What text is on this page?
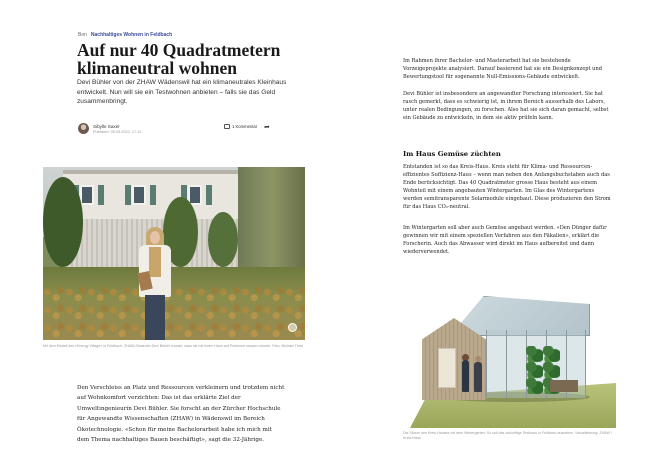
Bon Nachhaltiges Wohnen in Feldbach
Auf nur 40 Quadratmetern klimaneutral wohnen

Devi Bühler von der ZHAW Wädenswil hat ein klimaneutrales Kleinhaus entwickelt. Nun will sie ein Testwohnen anbieten – falls sie das Geld zusammenbringt.

Sibylle Saxer
Publiziert: 09.05.2022, 17:12
1 Kommentar ➦

Mit dem Modell des «Energy Village» in Feldbach: ZHAW-Studentin Devi Bühler wusste, dass sie mit ihrem Haus auf Probleme stossen könnte. Foto: Michael Trost

Den Verschleiss an Platz und Ressourcen verkleinern und trotzdem nicht auf Wohnkomfort verzichten: Das ist das erklärte Ziel der Umweltingenieurin Devi Bühler. Sie forscht an der Zürcher Hochschule für Angewandte Wissenschaften (ZHAW) in Wädenswil im Bereich Ökotechnologie. «Schon für meine Bachelorarbeit habe ich mich mit dem Thema nachhaltiges Bauen beschäftigt», sagt die 32-Jährige.

Im Rahmen ihrer Bachelor- und Masterarbeit hat sie bestehende Vorzeigeprojekte analysiert. Darauf basierend hat sie ein Designkonzept und Bewertungstool für sogenannte Null-Emissions-Gebäude entwickelt.

Devi Bühler ist insbesondere an angewandter Forschung interessiert. Sie hat rasch gemerkt, dass es schwierig ist, in ihrem Bereich ausserhalb des Labors, unter realen Bedingungen, zu forschen. Also hat sie sich daran gemacht, selbst ein Gebäude zu entwickeln, in dem sie aktiv prüfeln kann.

Im Haus Gemüse züchten

Entstanden ist so das Kreis-Haus. Kreis steht für Klima- und Ressourcen-effizientes Suffizienz-Haus – wenn man neben den Anfangsbuchstaben auch das Ende berücksichtigt. Das 40 Quadratmeter grosse Haus besteht aus einem Wohnteil mit einem angebauten Wintergarten. Im Glas des Wintergartens werden semitransparente Solarmodule eingebaut. Diese produzieren den Strom für das Haus CO₂-neutral.

Im Wintergarten soll aber auch Gemüse angebaut werden. «Den Dünger dafür gewinnen wir mit einem speziellen Verfahren aus den Fäkalien», erklärt die Forscherin. Auch das Abwasser wird direkt im Haus aufbereitet und dann wiederverwendet.

Die Skizze des Kreis-Hauses mit dem Wintergarten: So soll das zukünftige Testhaus in Feldbach aussehen. Visualisierung: ZHAW / Kreis-Haus
